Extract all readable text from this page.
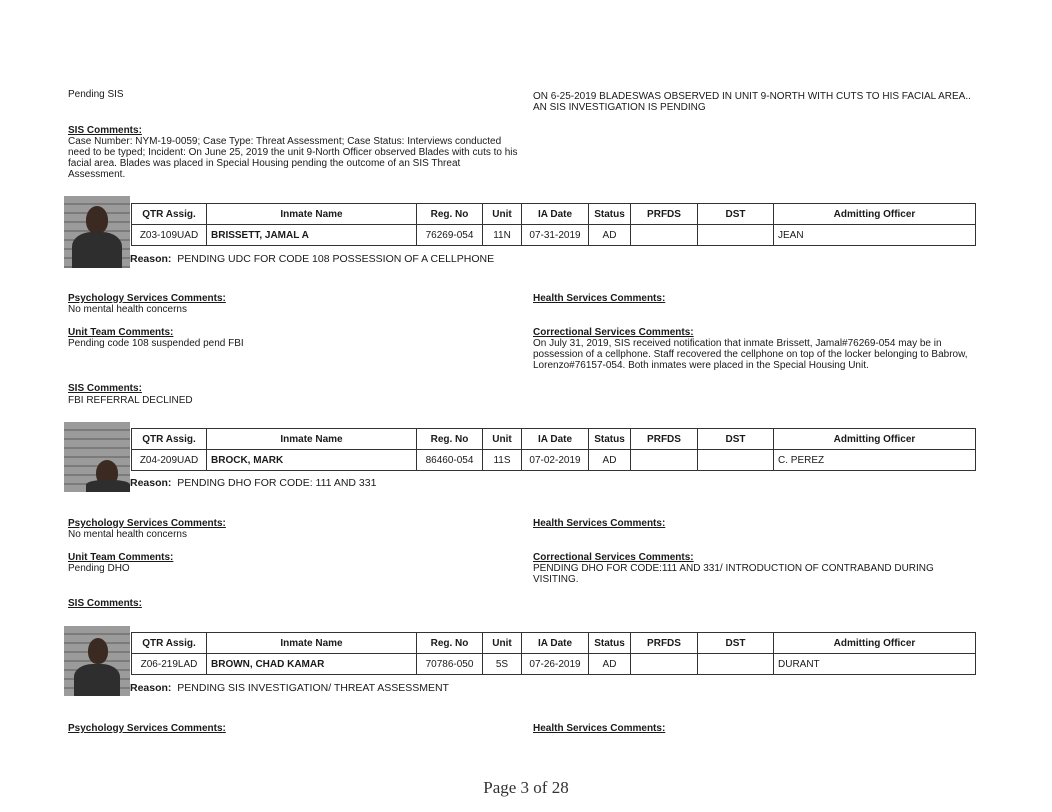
Pending SIS	ON 6-25-2019 BLADESWAS OBSERVED IN UNIT 9-NORTH WITH CUTS TO HIS FACIAL AREA..
AN SIS INVESTIGATION IS PENDING
SIS Comments:
Case Number: NYM-19-0059; Case Type: Threat Assessment; Case Status: Interviews conducted
need to be typed; Incident: On June 25, 2019 the unit 9-North Officer observed Blades with cuts to his
facial area. Blades was placed in Special Housing pending the outcome of an SIS Threat
Assessment.
QTR Assig.	Inmate Name	Reg. No	Unit	IA Date	Status	PRFDS	DST	Admitting Officer
Z03-109UAD	BRISSETT, JAMAL A	76269-054	11N	07-31-2019	AD			JEAN
Reason: PENDING UDC FOR CODE 108 POSSESSION OF A CELLPHONE
Psychology Services Comments:
No mental health concerns
Unit Team Comments:
Pending code 108 suspended pend FBI
SIS Comments:
FBI REFERRAL DECLINED
Health Services Comments:
Correctional Services Comments:
On July 31, 2019, SIS received notification that inmate Brissett, Jamal#76269-054 may be in
possession of a cellphone. Staff recovered the cellphone on top of the locker belonging to Babrow,
Lorenzo#76157-054. Both inmates were placed in the Special Housing Unit.
QTR Assig.	Inmate Name	Reg. No	Unit	IA Date	Status	PRFDS	DST	Admitting Officer
Z04-209UAD	BROCK, MARK	86460-054	11S	07-02-2019	AD			C. PEREZ
Reason: PENDING DHO FOR CODE: 111 AND 331
Psychology Services Comments:
No mental health concerns
Unit Team Comments:
Pending DHO
SIS Comments:
Health Services Comments:
Correctional Services Comments:
PENDING DHO FOR CODE:111 AND 331/ INTRODUCTION OF CONTRABAND DURING
VISITING.
QTR Assig.	Inmate Name	Reg. No	Unit	IA Date	Status	PRFDS	DST	Admitting Officer
Z06-219LAD	BROWN, CHAD KAMAR	70786-050	5S	07-26-2019	AD			DURANT
Reason: PENDING SIS INVESTIGATION/ THREAT ASSESSMENT
Psychology Services Comments:	Health Services Comments:
Page 3 of 28
